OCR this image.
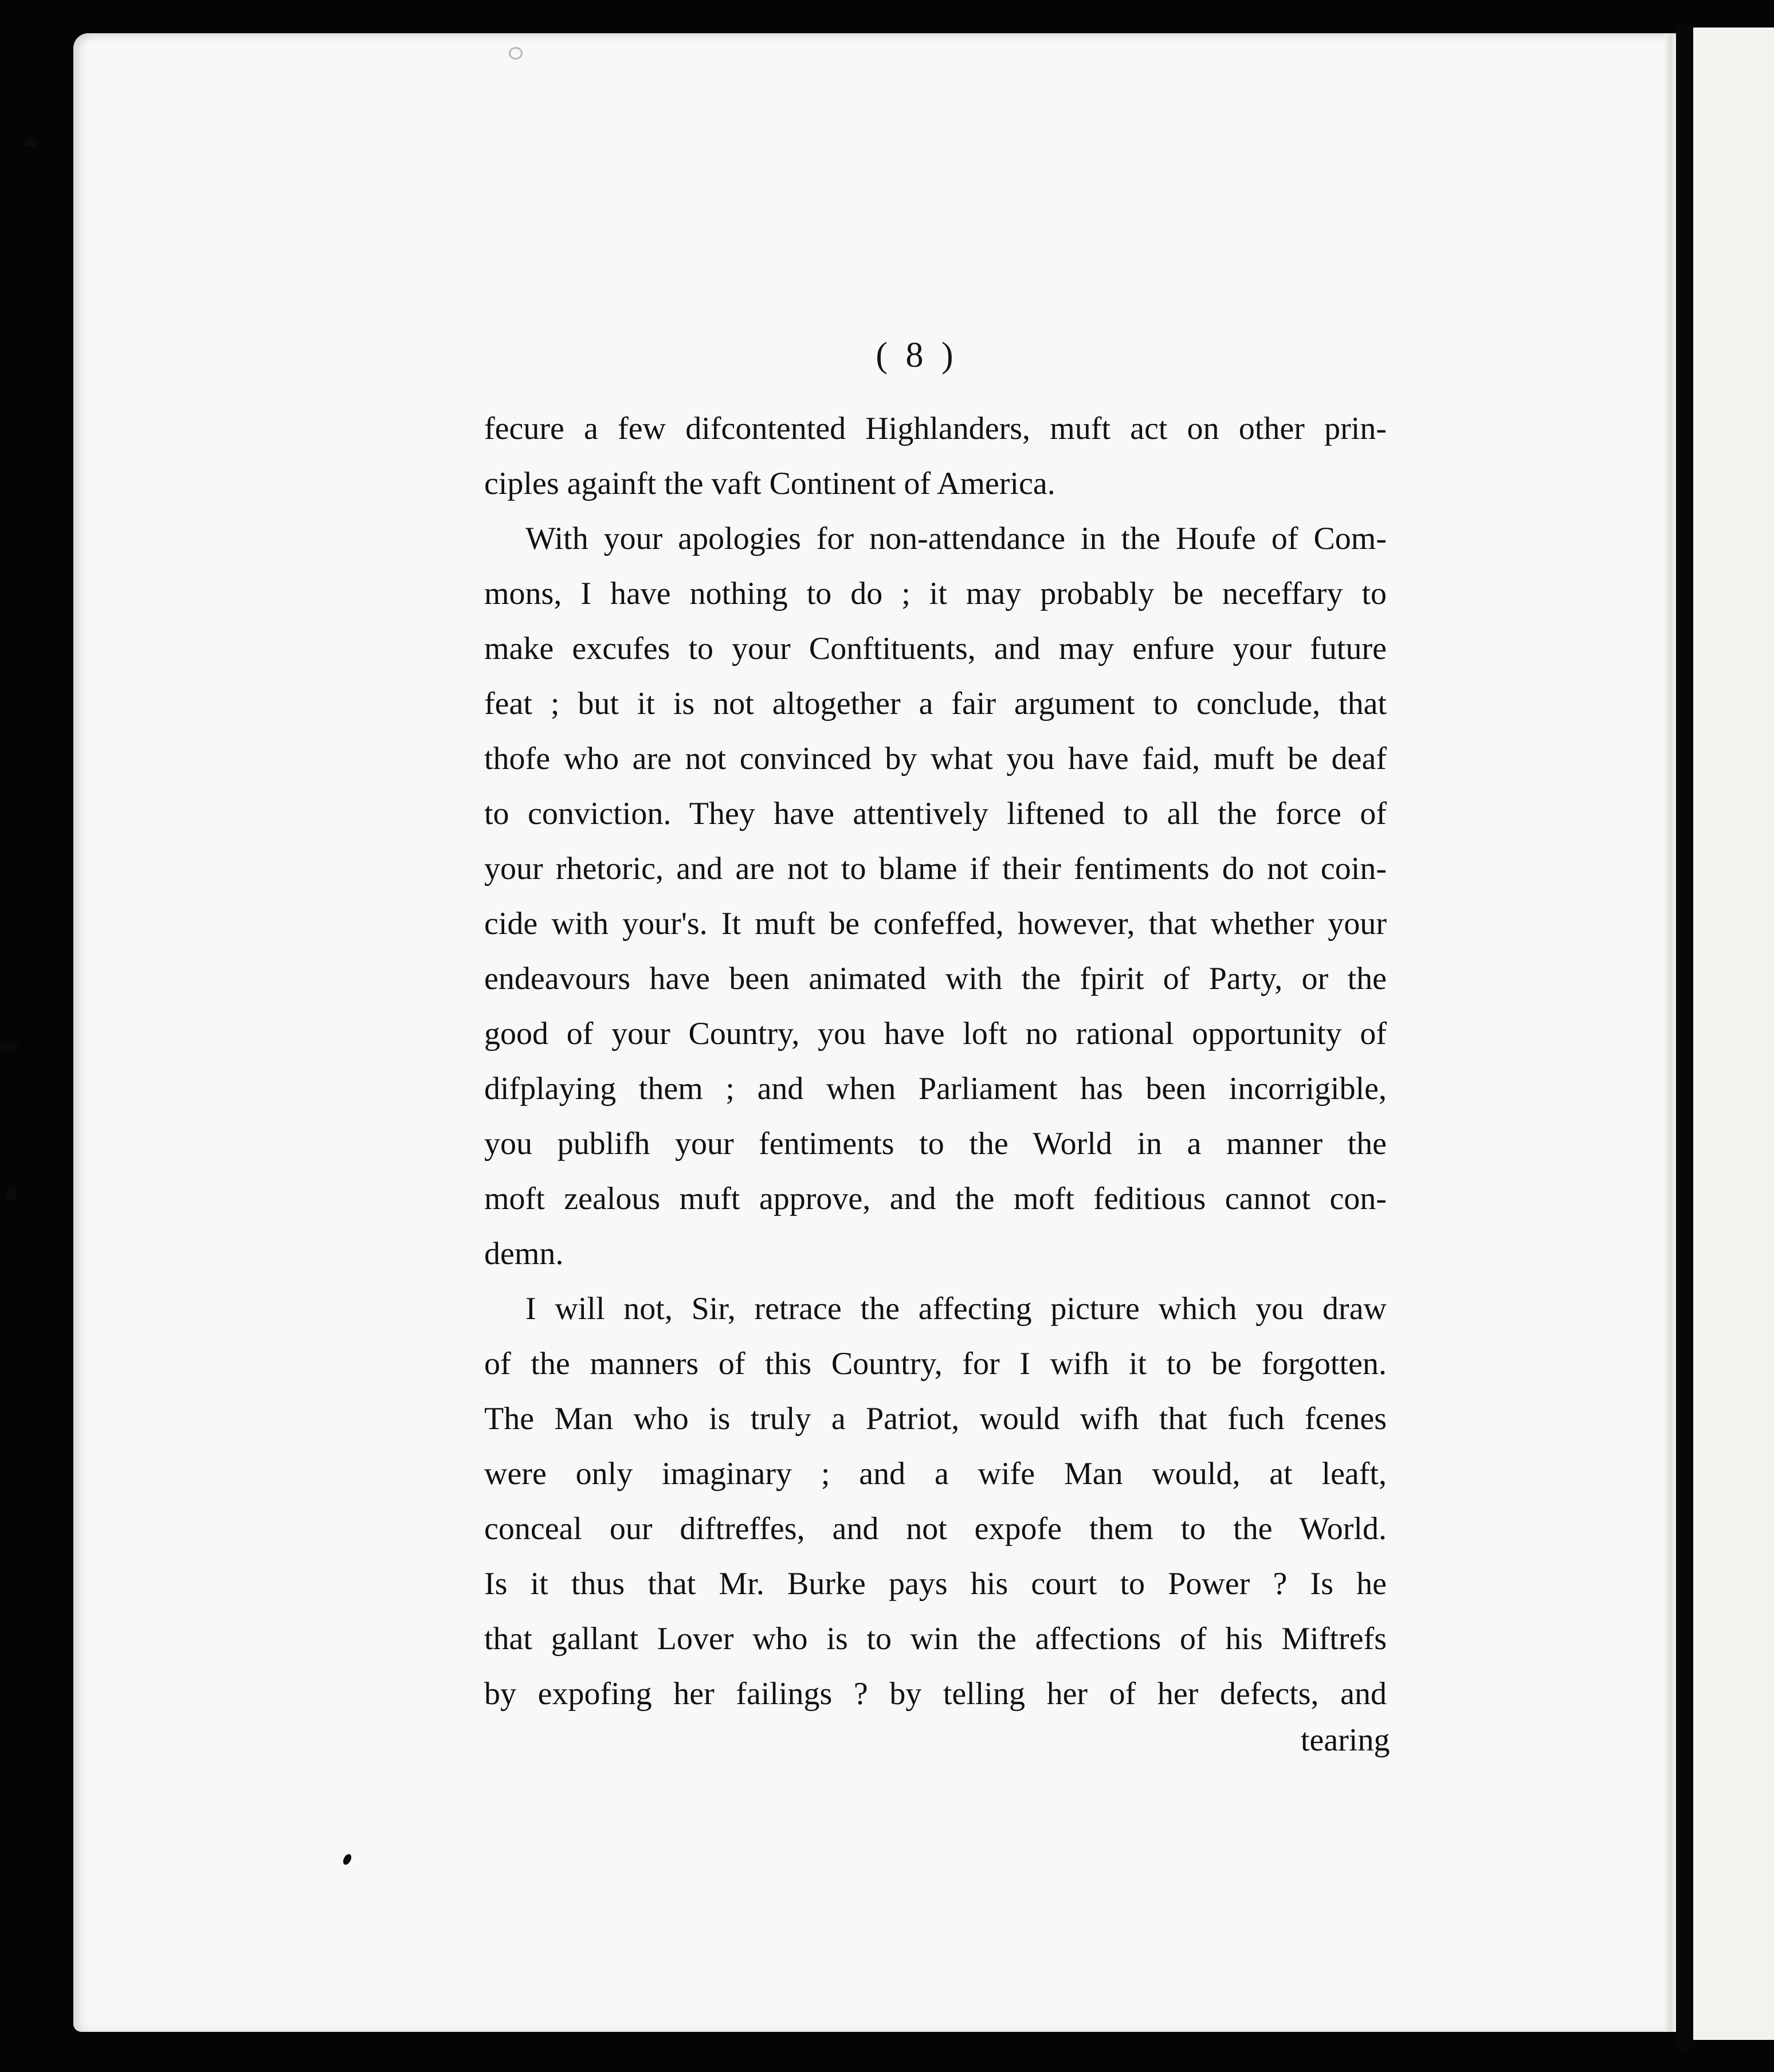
( 8 )
fecure a few difcontented Highlanders, muft act on other prin-
ciples againft the vaft Continent of America.
With your apologies for non-attendance in the Houfe of Com-
mons, I have nothing to do ; it may probably be neceffary to
make excufes to your Conftituents, and may enfure your future
feat ; but it is not altogether a fair argument to conclude, that
thofe who are not convinced by what you have faid, muft be deaf
to conviction. They have attentively liftened to all the force of
your rhetoric, and are not to blame if their fentiments do not coin-
cide with your's. It muft be confeffed, however, that whether your
endeavours have been animated with the fpirit of Party, or the
good of your Country, you have loft no rational opportunity of
difplaying them ; and when Parliament has been incorrigible,
you publifh your fentiments to the World in a manner the
moft zealous muft approve, and the moft feditious cannot con-
demn.
I will not, Sir, retrace the affecting picture which you draw
of the manners of this Country, for I wifh it to be forgotten.
The Man who is truly a Patriot, would wifh that fuch fcenes
were only imaginary ; and a wife Man would, at leaft,
conceal our diftreffes, and not expofe them to the World.
Is it thus that Mr. Burke pays his court to Power ? Is he
that gallant Lover who is to win the affections of his Miftrefs
by expofing her failings ? by telling her of her defects, and
tearing
